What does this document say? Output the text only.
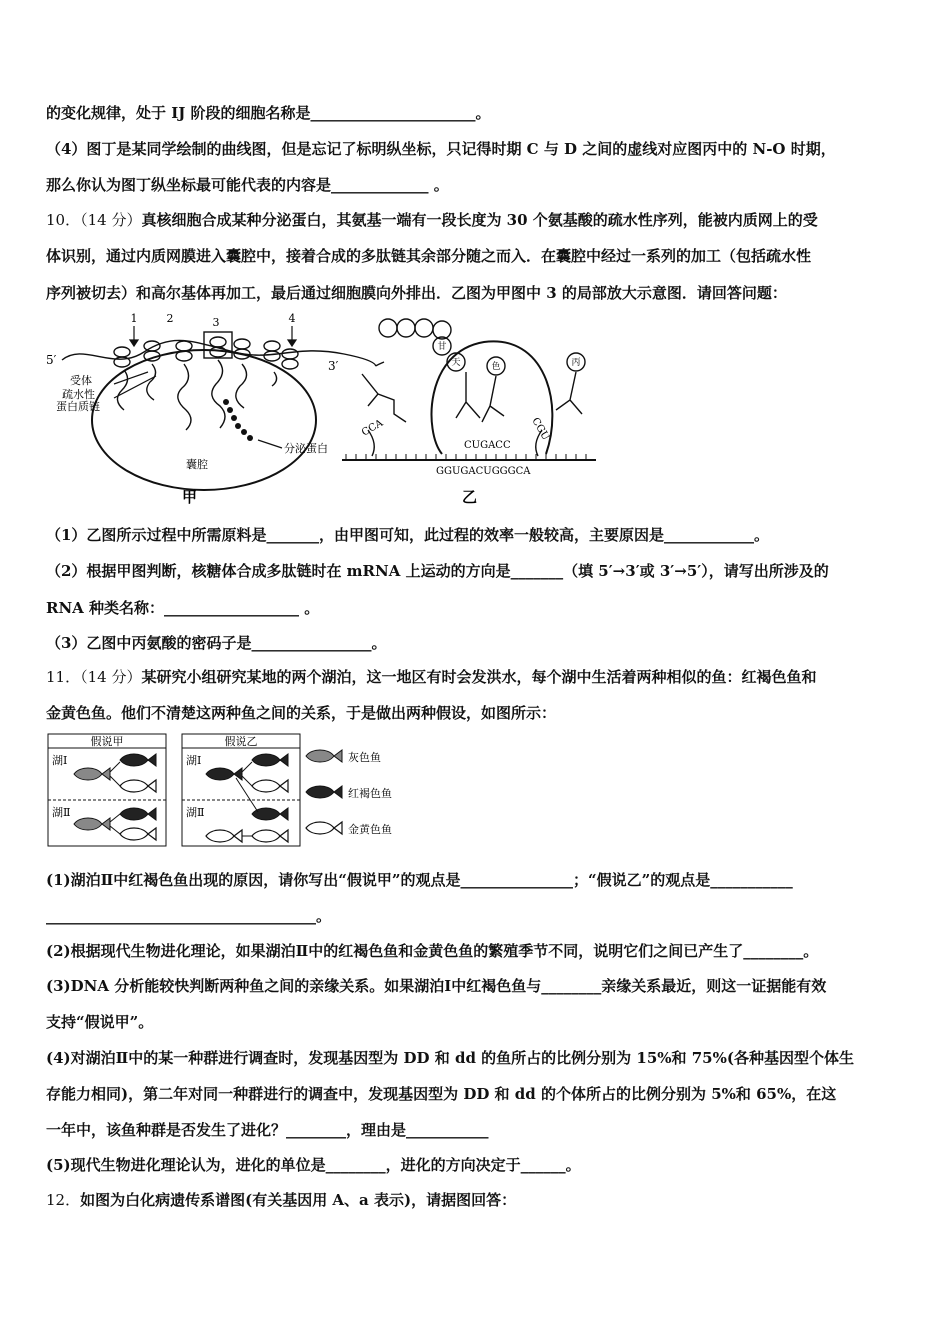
的变化规律，处于 IJ 阶段的细胞名称是______________________。
（4）图丁是某同学绘制的曲线图，但是忘记了标明纵坐标，只记得时期 C 与 D 之间的虚线对应图丙中的 N-O 时期，
那么你认为图丁纵坐标最可能代表的内容是_____________ 。
10．（14 分）真核细胞合成某种分泌蛋白，其氨基一端有一段长度为 30 个氨基酸的疏水性序列，能被内质网上的受
体识别，通过内质网膜进入囊腔中，接着合成的多肽链其余部分随之而入．在囊腔中经过一系列的加工（包括疏水性
序列被切去）和高尔基体再加工，最后通过细胞膜向外排出．乙图为甲图中 3 的局部放大示意图．请回答问题：
1	2	3	4
5′	3′
受体
疏水性
蛋白质链
分泌蛋白
囊腔
甲
甘
天	色	丙
CCA
CUGACC
CGU
GGUGACUGGGCA
乙
（1）乙图所示过程中所需原料是_______，由甲图可知，此过程的效率一般较高，主要原因是____________。
（2）根据甲图判断，核糖体合成多肽链时在 mRNA 上运动的方向是_______（填 5′→3′或 3′→5′），请写出所涉及的
RNA 种类名称：__________________ 。
（3）乙图中丙氨酸的密码子是________________。
11．（14 分）某研究小组研究某地的两个湖泊，这一地区有时会发洪水，每个湖中生活着两种相似的鱼：红褐色鱼和
金黄色鱼。他们不清楚这两种鱼之间的关系，于是做出两种假设，如图所示：
假说甲	假说乙
湖Ⅰ
湖Ⅱ
湖Ⅰ
湖Ⅱ
灰色鱼
红褐色鱼
金黄色鱼
(1)湖泊Ⅱ中红褐色鱼出现的原因，请你写出“假说甲”的观点是_______________；“假说乙”的观点是___________
____________________________________。
(2)根据现代生物进化理论，如果湖泊Ⅱ中的红褐色鱼和金黄色鱼的繁殖季节不同，说明它们之间已产生了________。
(3)DNA 分析能较快判断两种鱼之间的亲缘关系。如果湖泊Ⅰ中红褐色鱼与________亲缘关系最近，则这一证据能有效
支持“假说甲”。
(4)对湖泊Ⅱ中的某一种群进行调查时，发现基因型为 DD 和 dd 的鱼所占的比例分别为 15%和 75%(各种基因型个体生
存能力相同)，第二年对同一种群进行的调查中，发现基因型为 DD 和 dd 的个体所占的比例分别为 5%和 65%，在这
一年中，该鱼种群是否发生了进化？________，理由是___________
(5)现代生物进化理论认为，进化的单位是________，进化的方向决定于______。
12．如图为白化病遗传系谱图(有关基因用 A、a 表示)，请据图回答：
